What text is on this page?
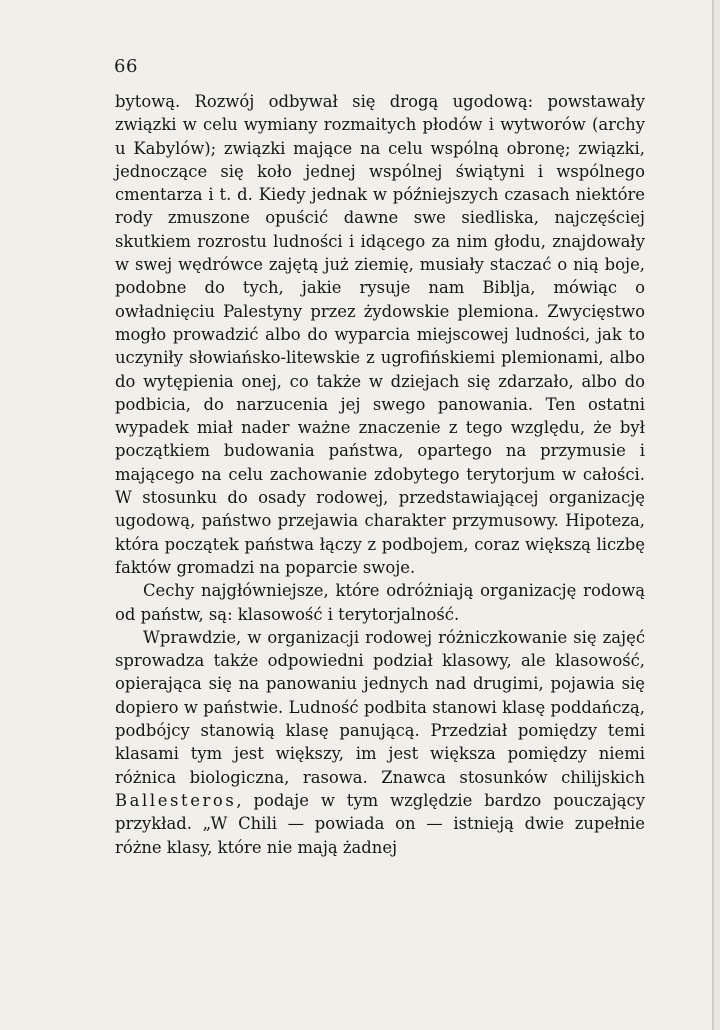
66

bytową. Rozwój odbywał się drogą ugodową: powstawały związki w celu wymiany rozmaitych płodów i wytworów (archy u Kabylów); związki mające na celu wspólną obronę; związki, jednoczące się koło jednej wspólnej świątyni i wspólnego cmentarza i t. d. Kiedy jednak w późniejszych czasach niektóre rody zmuszone opuścić dawne swe siedliska, najczęściej skutkiem rozrostu ludności i idącego za nim głodu, znajdowały w swej wędrówce zajętą już ziemię, musiały staczać o nią boje, podobne do tych, jakie rysuje nam Biblja, mówiąc o owładnięciu Palestyny przez żydowskie plemiona. Zwycięstwo mogło prowadzić albo do wyparcia miejscowej ludności, jak to uczyniły słowiańsko-litewskie z ugrofińskiemi plemionami, albo do wytępienia onej, co także w dziejach się zdarzało, albo do podbicia, do narzucenia jej swego panowania. Ten ostatni wypadek miał nader ważne znaczenie z tego względu, że był początkiem budowania państwa, opartego na przymusie i mającego na celu zachowanie zdobytego terytorjum w całości. W stosunku do osady rodowej, przedstawiającej organizację ugodową, państwo przejawia charakter przymusowy. Hipoteza, która początek państwa łączy z podbojem, coraz większą liczbę faktów gromadzi na poparcie swoje.

Cechy najgłówniejsze, które odróżniają organizację rodową od państw, są: klasowość i terytorjalność.

Wprawdzie, w organizacji rodowej różniczkowanie się zajęć sprowadza także odpowiedni podział klasowy, ale klasowość, opierająca się na panowaniu jednych nad drugimi, pojawia się dopiero w państwie. Ludność podbita stanowi klasę poddańczą, podbójcy stanowią klasę panującą. Przedział pomiędzy temi klasami tym jest większy, im jest większa pomiędzy niemi różnica biologiczna, rasowa. Znawca stosunków chilijskich Ballesteros, podaje w tym względzie bardzo pouczający przykład. „W Chili — powiada on — istnieją dwie zupełnie różne klasy, które nie mają żadnej
